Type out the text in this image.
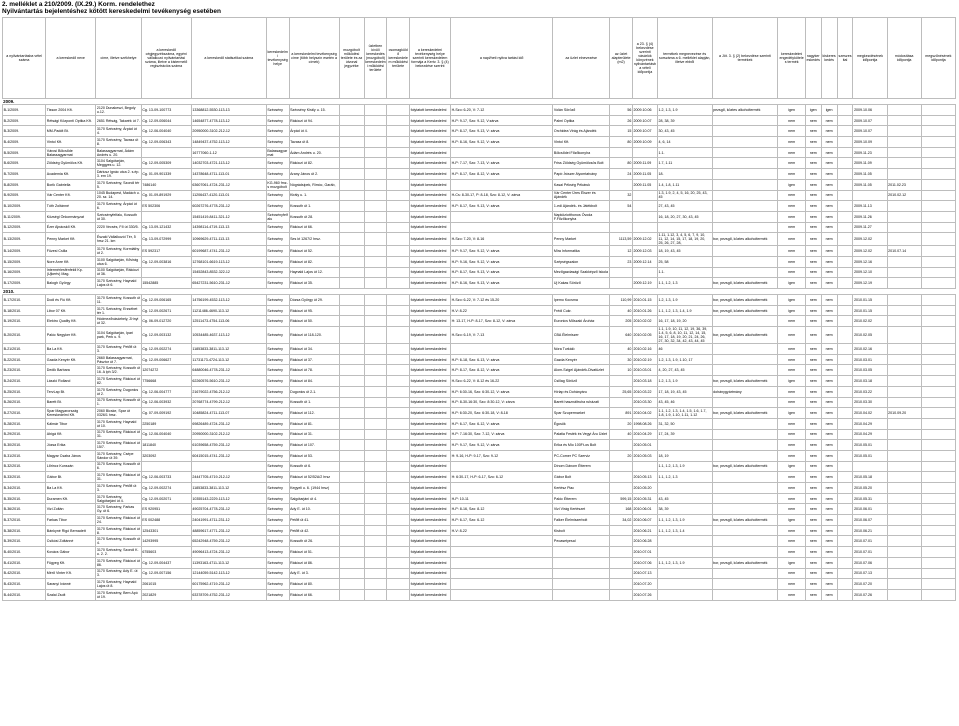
2. melléklet a 210/2009. (IX.29.) Korm. rendelethez
Nyilvántartás bejelentéshez kötött kereskedelmi tevékenység esetében
a nyilvántartásba vétel száma	a kereskedő neve	címe, illetve székhelye	a kereskedő cégjegyzékszáma, egyéni vállalkozó nyilvántartási száma, illetve a kistermelő regisztrációs száma	a kereskedő statisztikai száma	kereskedelmi tevékenység helye	a kereskedelmi tevékenység címe (több helyszín esetén a címek)	mozgóbolt működési területe és az útvonal jegyzéke	üzletben kívüli kereskedés (mozgóbolt) kereskedelmi működési területe	csomagküldő kereskedelem működési területe	a kereskedelmi tevékenység helye szerinti kereskedelem formája a Kertv. 3. § (4) bekezdése szerint	a napi/heti nyitva tartási idő	az üzlet elnevezése	az üzlet alapterülete (m2)	a 23. § (4) bekezdése szerinti vásárlók könyvének nyilvántartásba vételi időpontja	termékek megnevezése és sorszáma a 6. melléklet alapján, illetve ebből	a Jöt. 3. § (2) bekezdése szerinti termékek	kereskedelmi engedélyköteles termék	nagykereskedés	kiskereskedés	szeszes ital	megkezdésének időpontja	módosítása időpontja	megszűnésének időpontja
2009.																							
B-1/2009.	Tisson 2004 Kft.	2120 Dunakeszi, Begoly u.12.	Cg. 13-09-100773	13368812-5530-113-13	Szécsény	Szécsény Király u. 15.				folytatott kereskedelmi	H-Szo: 6-20, V: 7-12	Volán Söröző	56	2009.10.06	1.2, 1.3, 1.9	pezsgő, köztes alkoholtermék	igen	igen	igen		2009.10.06		
B-2/2009.	Rétsági Központi Optika Kft.	2651 Rétság, Takarék út 7.	Cg. 12-09-006044	14654877-4778-113-12	Szécsény	Rákóczi út 94.				folytatott kereskedelmi	H-P: 9-17, Szo: 9-12, V:zárva	Palmi Optika	26	2009.10.07	28, 38, 39		nem	nem	nem		2009.10.07		
B-3/2009.	MM-Paddt Bt.	3170 Szécsény, Árpád út 4.	Cg. 12-06-004040	20950000-3102-212-12	Szécsény	Árpád út 4.				folytatott kereskedelmi	H-P: 8-17, Szo: 9-13, V: zárva	Orchidea Virág és Ajándék	15	2009.10.07	30, 43, 45		nem	nem	nem		2009.10.07		
B-4/2009.	Vintol Kft.	3170 Szécsény, Tavasz út 8.	Cg. 12-09-006343	14849437-4752-113-12	Szécsény	Tavasz út 8.				folytatott kereskedelmi	H-P: 8-16, Szo: 9-12, V: zárva	Vintol Kft.	80	2009.10.09	4, 6, 14		nem	nem	nem		2009.10.09		
B-5/2009.	Városi Bölcsőde Balassagyarmat	Balassagyarmat, Ádám Andrés u. 20.		16777060-1-12	Balassagyarmat	Ádám Andrés u. 20.				folytatott kereskedelmi		Bölcsődei Főzőkonyha			1.1.		nem	nem	nem		2009.11.23		
B-6/2009.	Zöldség Gyümölcs Kft.	3104 Salgótarján, Meggyes u. 12.	Cg. 12-09-005309	14032703-4721-113-12	Szécsény	Rákóczi út 82.				folytatott kereskedelmi	H-P: 7-17, Szo: 7-13, V: zárva	Friss Zöldség Gyümölcsös Bolt	80	2009.11.09	1.7, 1.11		nem	nem	nem		2009.11.09		
B-7/2009.	Academia Kft.	Dáriusz Ignác utca 2. s.ép. 3. em 19.	Cg. 01-09-901339	14378648-4711-113-01	Szécsény	Arany János út 2.				folytatott kereskedelmi	H-P: 8-17, Szo: 8-12, V: zárva	Papír-Írószer-Nyomtatvány	24	2009.11.05	18.		nem	nem	nem		2009.11.05		
B-8/2009.	Borik Gabriella	3170 Szécsény, Szondi tér 5.	7486140	63607061-4724-231-12	KG-960 fmz-s mozgóbolt	Nógrádsipek, Rimóc, Garáb,				folytatott kereskedelmi		Kasai Pékség Pékáruk		2009.11.05	1.4, 1.8, 1.11		igen	nem	nem		2009.11.05	2011.02.23	
B-9/2009.	Vár Center Kft.	1045 Budapest, Madách u. 20. sz. 14.	Cg. 01-09-891929	11206437-4120-113-01	Szécsény	Király u. 1.				folytatott kereskedelmi	H-Cs: 8-30-17, P: 8-18, Szo: 8-12, V: zárva	Vár Center Üres Élszer és Ajándék	32		1.3, 1.9, 2, 4, 5, 16, 20, 25, 43, 45		nem	nem	nem			2010.02.12	
B-10/2009.	Tóth Zoltánné	3170 Szécsény, Árpád út 6.	ES 502306	60267276-4778-231-12	Szécsény	Kossuth út 1.				folytatott kereskedelmi	H-P: 8-17, Szo: 9-13, V: zárva	1-edi Ajándék- és Játékbolt	54		27, 43, 45		nem	nem	nem		2009.11.13		
B-11/2009.	Községi Önkormányzat	Szécsényfelfalu, Kossuth út 30.		15451419-8411-321-12	Szécsényfelfalu	Kossuth út 28.				folytatott kereskedelmi		Napköziotthonos Óvoda F.Főzőkonyha			16, 18, 20, 27, 30, 43, 45		nem	nem	nem		2009.11.26		
B-12/2009.	Ézer Ajnácskő Kft.	2220 Vecsés, Fő út 330/5.	Cg. 13-09-121432	14398114-4719-113-13	Szécsény	Rákóczi út 66.				folytatott kereskedelmi							nem	nem	nem		2009.11.27		
B-13/2009.	Penny Market Kft.	Északi Vállalkozói Tér, 5 hrsz 21. km	Cg. 13-09-072999	10969629-4711-113-13	Szécsény	Ses kt 1267/2 hrsz.				folytatott kereskedelmi	H-Szo: 7-20, V: 8-16	Penny Market	1113,59	2009.12.02	1.11, 1.12, 3, 4, 5, 6, 7, 9, 10, 11, 12, 14, 15, 17, 18, 19, 20, 25, 26, 27, 28,	bor, pezsgő, köztes alkoholtermék	nem	nem	nem		2009.12.02		
B-14/2009.	Füzesi Csilla	3170 Szécsény, Kormiáthy út 2.	ES 592317	60199687-4741-231-12	Szécsény	Rákóczi út 52.				folytatott kereskedelmi	H-P: 9-17, Szo: 9-12, V: zárva	Mira Informatika	12	2009.12.03	18, 19, 43, 45		nem	nem	nem		2009.12.02	2010.07.14	
B-15/2009.	Nore Anre Kft.	3100 Salgótarján, Kővirág utca 6.	Cg. 12-09-003816	12768101-6619-113-12	Szécsény	Rákóczi út 82.				folytatott kereskedelmi	H-P: 9-16, Szo: 9-12, V: zárva	Szépségszalon	23	2009.12.14	25, 58		nem	nem	nem		2009.12.16		
B-16/2009.	Intermérlesfénfeldi Kp. (Ujkertv) Mag.	3100 Salgótarján, Rákóczi út 36.		15452843-8532-322-12	Szécsény	Haynald Lajos út 12.				folytatott kereskedelmi	H-P: 8-17, Szo: 9-13, V: zárva	Mezőgazdasági Szakképző Iskola			1.1.		nem	nem	nem		2009.12.10		
B-17/2009.	Balogh György	3170 Szécsény, Haynald Lajos út 6.	15542885	65427231-5610-231-12	Szécsény	Rákóczi út 35.				folytatott kereskedelmi	H-P: 8-16, Szo: 9-13, V: zárva	Uj Kakas Söröző		2009.12.19	1.1, 1.2, 1.3	bor, pezsgő, köztes alkoholtermék	igen	nem	nem		2009.12.19		
2010.																							
B-17/2010.	Dodi és Fiú Kft.	3170 Szécsény, Kossuth út 11.	Cg. 12-09-006165	14756199-4532-113-12	Szécsény	Dózsa György út 29.				folytatott kereskedelmi	H-Szo: 6-22, V: 7-12 és 15-20	Ipemo Kocsma	110,99	2010.01.15	1.2, 1.3, 1.9	bor, pezsgő, köztes alkoholtermék	igen	nem	nem		2010.01.15		
B-18/2010.	Libor 07 Kft.	3171 Szécsény, Erzsébet tér 1.	Cg. 12-09-002671	11211486-4690-113-12	Szécsény	Rákóczi út 95.				folytatott kereskedelmi	H-V: 8-22	Frédi Cukr.	40	2010.01.26	1.1, 1.2, 1.3, 1.4, 1.9	bor, pezsgő, köztes alkoholtermék	igen	nem	nem		2010.01.15		
B-19/2010.	Elektro Quality Kft.	Hódmezővásárhely, Zrínyi út 32.	Cg. 06-09-012720	12511473-4754-113-06	Szécsény	Rákóczi út 50.				folytatott kereskedelmi	H: 13-17, H-P: 8-17, Szo: 8-12, V: zárva	Euronics Műszaki Áruház	205	2010.02.02	16, 17, 18, 19, 20		nem	nem	nem		2010.02.02		
B-20/2010.	Palóc Negyker Kft.	3104 Salgótarján, Ipari park, Perk u. 9.	Cg. 12-09-003132	10534485-4637-113-12	Szécsény	Rákóczi út 118-120.				folytatott kereskedelmi	H-Szo: 6-19, V: 7-13	CBA Élelmiszer	640	2010.02.05	1.1, 1.9, 10, 11, 12, 19, 36, 39, 1.4, 5, 6, 8, 10, 11, 12, 14, 15, 16, 17, 18, 19, 20, 21, 24, 26, 27, 30, 32, 34, 42, 43, 44, 45	bor, pezsgő, köztes alkoholtermék	nem	nem	nem		2010.02.05		
B-21/2010.	Ba La Kft.	3170 Szécsény, Petőfi út 3.	Cg. 12-09-002274	11853833-3811-113-12	Szécsény	Rákóczi út 34.				folytatott kereskedelmi		Nóra Turkáló	40	2010.02.16	46		nem	nem	nem		2010.02.16		
B-22/2010.	Gazda Kenyér Kft.	2660 Balassagyarmat, Pásztor út 7.	Cg. 12-09-006627	11731173-4724-113-12	Szécsény	Rákóczi út 37.				folytatott kereskedelmi	H-P: 6-18, Szo: 6-13, V: zárva	Gazda Kenyér	30	2010.02.19	1.2, 1.3, 1.9, 1.10, 17		nem	nem	nem		2010.03.01		
B-23/2010.	Dedik Barbara	3170 Szécsény, Kossuth út 16. A lph 3/2.	12074272	64880046-4778-231-12	Szécsény	Rákóczi út 78.				folytatott kereskedelmi	H-P: 8-17, Szo: 8-12, V: zárva	Alom-Szigel Ajándék-Divatüzlet	10	2010.03.01	4, 20, 27, 43, 45		nem	nem	nem		2010.03.05		
B-24/2010.	László Rolland	3170 Szécsény, Rákóczi út 82.	7756668	62260576-5610-231-12	Szécsény	Rákóczi út 84.				folytatott kereskedelmi	H-Szo: 6-22, V: 8-12 és 16-22	Csillag Söröző		2010.03.18	1.2, 1.3, 1.9	bor, pezsgő, köztes alkoholtermék	igen	nem	nem		2010.03.18		
B-25/2010.	TervLap Bt.	3170 Szécsény, Dugonics út 2.	Cg. 12-06-004777	21679022-4756-212-12	Szécsény	Dugonics út 2-1.				folytatott kereskedelmi	H-P: 6:30-16, Szo: 6:30-12, V: zárva	Hírlap és Dohányáru	25,65	2010.03.22	17, 18, 19, 43, 45	dohánygyártmány	nem	nem	nem		2010.03.22		
B-26/2010.	Barett Bt.	3170 Szécsény, Kossuth út 1.	Cg. 12-06-003932	20768774-4799-212-12	Szécsény	Kossuth út 1.				folytatott kereskedelmi	H-P: 8-30-16:30, Szo: 8:30-12, V: zárva	Barett használtruha ruházati		2010.03.30	43, 45, 46		nem	nem	nem		2010.03.30		
B-27/2010.	Spar Magyarország Kereskedelmi Kft.	2060 Bicske, Spar út 0326/1 hrsz.	Cg. 07-09-009192	10485824-4711-113-07	Szécsény	Rákóczi út 112.				folytatott kereskedelmi	H-P: 6:30-20, Szo: 6:30-18, V: 8-18	Spar Szupermarket	891	2010.04.02	1.1, 1.2, 1.3, 1.4, 1.5, 1.6, 1.7, 1.8, 1.9, 1.10, 1.11, 1.12	bor, pezsgő, köztes alkoholtermék	igen	nem	nem		2010.04.02	2010.09.20	
B-28/2010.	Kálmár Tibor	3170 Szécsény, Haynald út 10.	2250189	69826489-4724-231-12	Szécsény	Rákóczi út 81.				folytatott kereskedelmi	H-P: 6-17, Szo: 6-12, V: zárva	Égcsök	20	1998.08.26	31, 32, 50		nem	nem	nem		2010.04.29		
B-29/2010.	Abigá Kft.	3170 Szécsény, Rákóczi út 31.	Cg. 12-06-004040	20950000-3102-212-12	Szécsény	Rákóczi út 31.				folytatott kereskedelmi	H-P: 7-16:30, Szo: 7-12, V: zárva	Palatia Festék és Vegyi Áru Üzlet	40	2010.04.29	17, 24, 39		nem	nem	nem		2010.04.29		
B-30/2010.	Józsa Erika	3170 Szécsény, Rákóczi út 15/7.	1811840	61039658-4759-231-12	Szécsény	Rákóczi út 107.				folytatott kereskedelmi	H-P: 9-17, Szo: 9-12, V: zárva	Erika és Mio 100Ft-os Bolt		2010.05.01			nem	nem	nem		2010.05.01		
B-31/2010.	Magyar Csaba János	3170 Szécsény, Csépe Sándor út 39.	3203092	60415015-4741-231-12	Szécsény	Rákóczi út 53.				folytatott kereskedelmi	H: 9-16, H-P: 9-17, Szo: 9-12	PC-Corner PC Szerviz	20	2010.05.03	18, 19		nem	nem	nem		2010.05.01		
B-32/2010.	Lőrincz Kunszán	3170 Szécsény, Kossuth út 6.			Szécsény	Kossuth út 6.				folytatott kereskedelmi		Dínom Dánom Étterem			1.1, 1.2, 1.3, 1.9	bor, pezsgő, köztes alkoholtermék	igen	nem	nem				
B-33/2010.	Gábor Bt.	3170 Szécsény, Rákóczi út 31.	Cg. 12-06-003733	24447705-4719-212-12	Szécsény	Rákóczi út 52/52A/2 hrsz				folytatott kereskedelmi	H: 6:30-17, H-P: 6-17, Szo: 6-12	Gábor Bolt		2010.05.13	1.1, 1.2, 1.3		nem	nem	nem		2010.05.18		
B-34/2010.	Ba La Kft.	3170 Szécsény, Petőfi út 3.	Cg. 12-09-002274	11853833-3811-113-12	Szécsény	Kegyeli u. 6. (1944 hrsz)				folytatott kereskedelmi		Kertész Piac		2010.05.20			nem	nem	nem		2010.05.20		
B-35/2010.	Duramen Kft.	3170 Szécsény, Salgótarjáni út 4.	Cg. 12-09-002071	10355143-2229-113-12	Szécsény	Salgótarjáni út 4.				folytatott kereskedelmi	H-P: 10-11	Palóc Étterem	599,15	2010.05.31	43, 45		nem	nem	nem		2010.05.31		
B-36/2010.	Vizi Zoltán	3170 Szécsény, Farkas Gy. út 6.	ES 920951	49025704-4778-231-12	Szécsény	Ady E. út 10.				folytatott kereskedelmi	H-P: 8-16, Szo: 8-12	Vizi Virág Kertészet	168	2010.06.01	38, 39		nem	nem	nem		2010.06.01		
B-37/2010.	Farkas Tibor	3170 Szécsény, Rákóczi út 24.	ES 002488	24041991-4711-231-12	Szécsény	Petőfi út 41.				folytatott kereskedelmi	H-P: 6-17, Szo: 6-12	Falker Élelmiszerbolt	34,02	2010.06.07	1.1, 1.2, 1.3, 1.9	bor, pezsgő, köztes alkoholtermék	igen	nem	nem		2010.06.07		
B-38/2010.	Bánkyné Rigó Bernadett	3170 Szécsény, Rákóczi út 8.	12543301	48859617-4771-231-12	Szécsény	Petőfi út 42.				folytatott kereskedelmi	H-V: 8-22	Kisbolt		2010.06.21	1.1, 1.2, 1.3, 1.4		nem	nem	nem		2010.06.21		
B-39/2010.	Csikósi Zoltánné	3170 Szécsény, Kossuth út 4.	14293995	65242948-4759-231-12	Szécsény	Kossuth út 26.				folytatott kereskedelmi		Peoasetyesal		2010.06.28			nem	nem	nem		2010.07.01		
B-40/2010.	Kovács Gábor	3170 Szécsény, Szondi K. u. 2. 2.	6755603	49096413-4724-231-12	Szécsény	Rákóczi út 51.				folytatott kereskedelmi				2010.07.01			nem	nem	nem		2010.07.01		
B-41/2010.	Fügyeg Kft.	3170 Szécsény, Rákóczi út 86.	Cg. 12-09-004437	11393163-4711-113-12	Szécsény	Rákóczi út 86.				folytatott kereskedelmi				2010.07.06	1.1, 1.2, 1.3, 1.9	bor, pezsgő, köztes alkoholtermék	igen	nem	nem		2010.07.06		
B-42/2010.	Mérő Vinter Kft.	3170 Szécsény, Ady E. út 3.	Cg. 12-09-007156	12144059-5142-113-12	Szécsény	Ady E. út 3.				folytatott kereskedelmi				2010.07.13			nem	nem	nem		2010.07.13		
B-43/2010.	Saranyi Ivánné	3170 Szécsény, Haynald Lajos út 8.	2061015	60175962-4719-231-12	Szécsény	Rákóczi út 80.				folytatott kereskedelmi				2010.07.20			nem	nem	nem		2010.07.20		
B-44/2010.	Szalai Zsolt	3170 Szécsény, Bem Apó út 19.	2021829	63378709-4752-231-12	Szécsény	Rákóczi út 66.				folytatott kereskedelmi				2010.07.26			nem	nem	nem		2010.07.26		
